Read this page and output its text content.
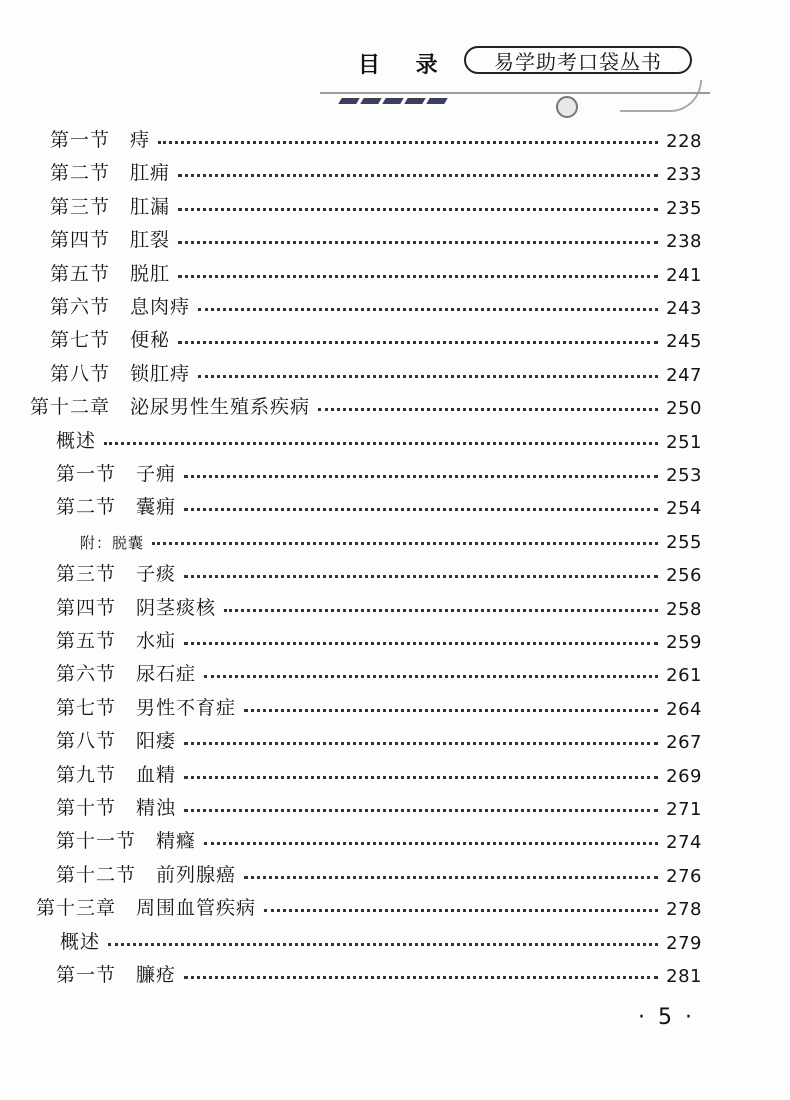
目 录	易学助考口袋丛书
第一节　痔	228
第二节　肛痈	233
第三节　肛漏	235
第四节　肛裂	238
第五节　脱肛	241
第六节　息肉痔	243
第七节　便秘	245
第八节　锁肛痔	247
第十二章　泌尿男性生殖系疾病	250
概述	251
第一节　子痈	253
第二节　囊痈	254
附：脱囊	255
第三节　子痰	256
第四节　阴茎痰核	258
第五节　水疝	259
第六节　尿石症	261
第七节　男性不育症	264
第八节　阳痿	267
第九节　血精	269
第十节　精浊	271
第十一节　精癃	274
第十二节　前列腺癌	276
第十三章　周围血管疾病	278
概述	279
第一节　臁疮	281
· 5 ·
